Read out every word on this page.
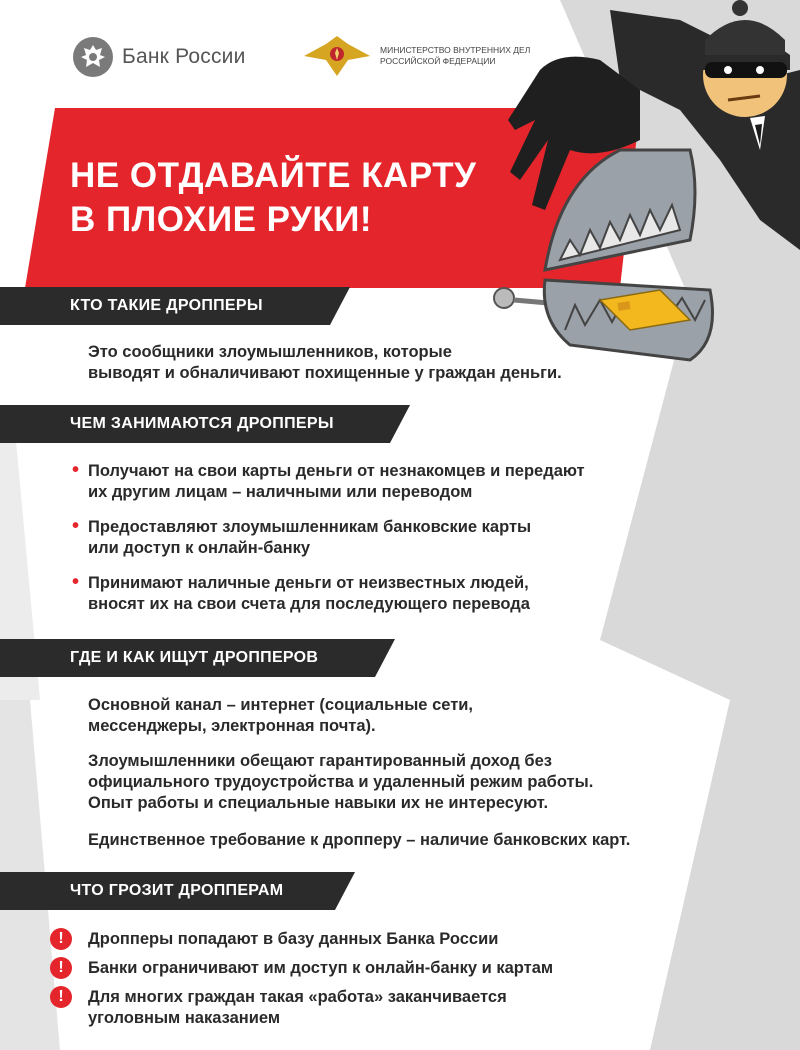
Банк России	МИНИСТЕРСТВО ВНУТРЕННИХ ДЕЛ
РОССИЙСКОЙ ФЕДЕРАЦИИ
НЕ ОТДАВАЙТЕ КАРТУ
В ПЛОХИЕ РУКИ!
КТО ТАКИЕ ДРОППЕРЫ

Это сообщники злоумышленников, которые
выводят и обналичивают похищенные у граждан деньги.

ЧЕМ ЗАНИМАЮТСЯ ДРОППЕРЫ
• Получают на свои карты деньги от незнакомцев и передают
их другим лицам – наличными или переводом
• Предоставляют злоумышленникам банковские карты
или доступ к онлайн-банку
• Принимают наличные деньги от неизвестных людей,
вносят их на свои счета для последующего перевода
ГДЕ И КАК ИЩУТ ДРОППЕРОВ

Основной канал – интернет (социальные сети,
мессенджеры, электронная почта).

Злоумышленники обещают гарантированный доход без
официального трудоустройства и удаленный режим работы.
Опыт работы и специальные навыки их не интересуют.

Единственное требование к дропперу – наличие банковских карт.

ЧТО ГРОЗИТ ДРОППЕРАМ
!	Дропперы попадают в базу данных Банка России
!	Банки ограничивают им доступ к онлайн-банку и картам
!	Для многих граждан такая «работа» заканчивается
уголовным наказанием
